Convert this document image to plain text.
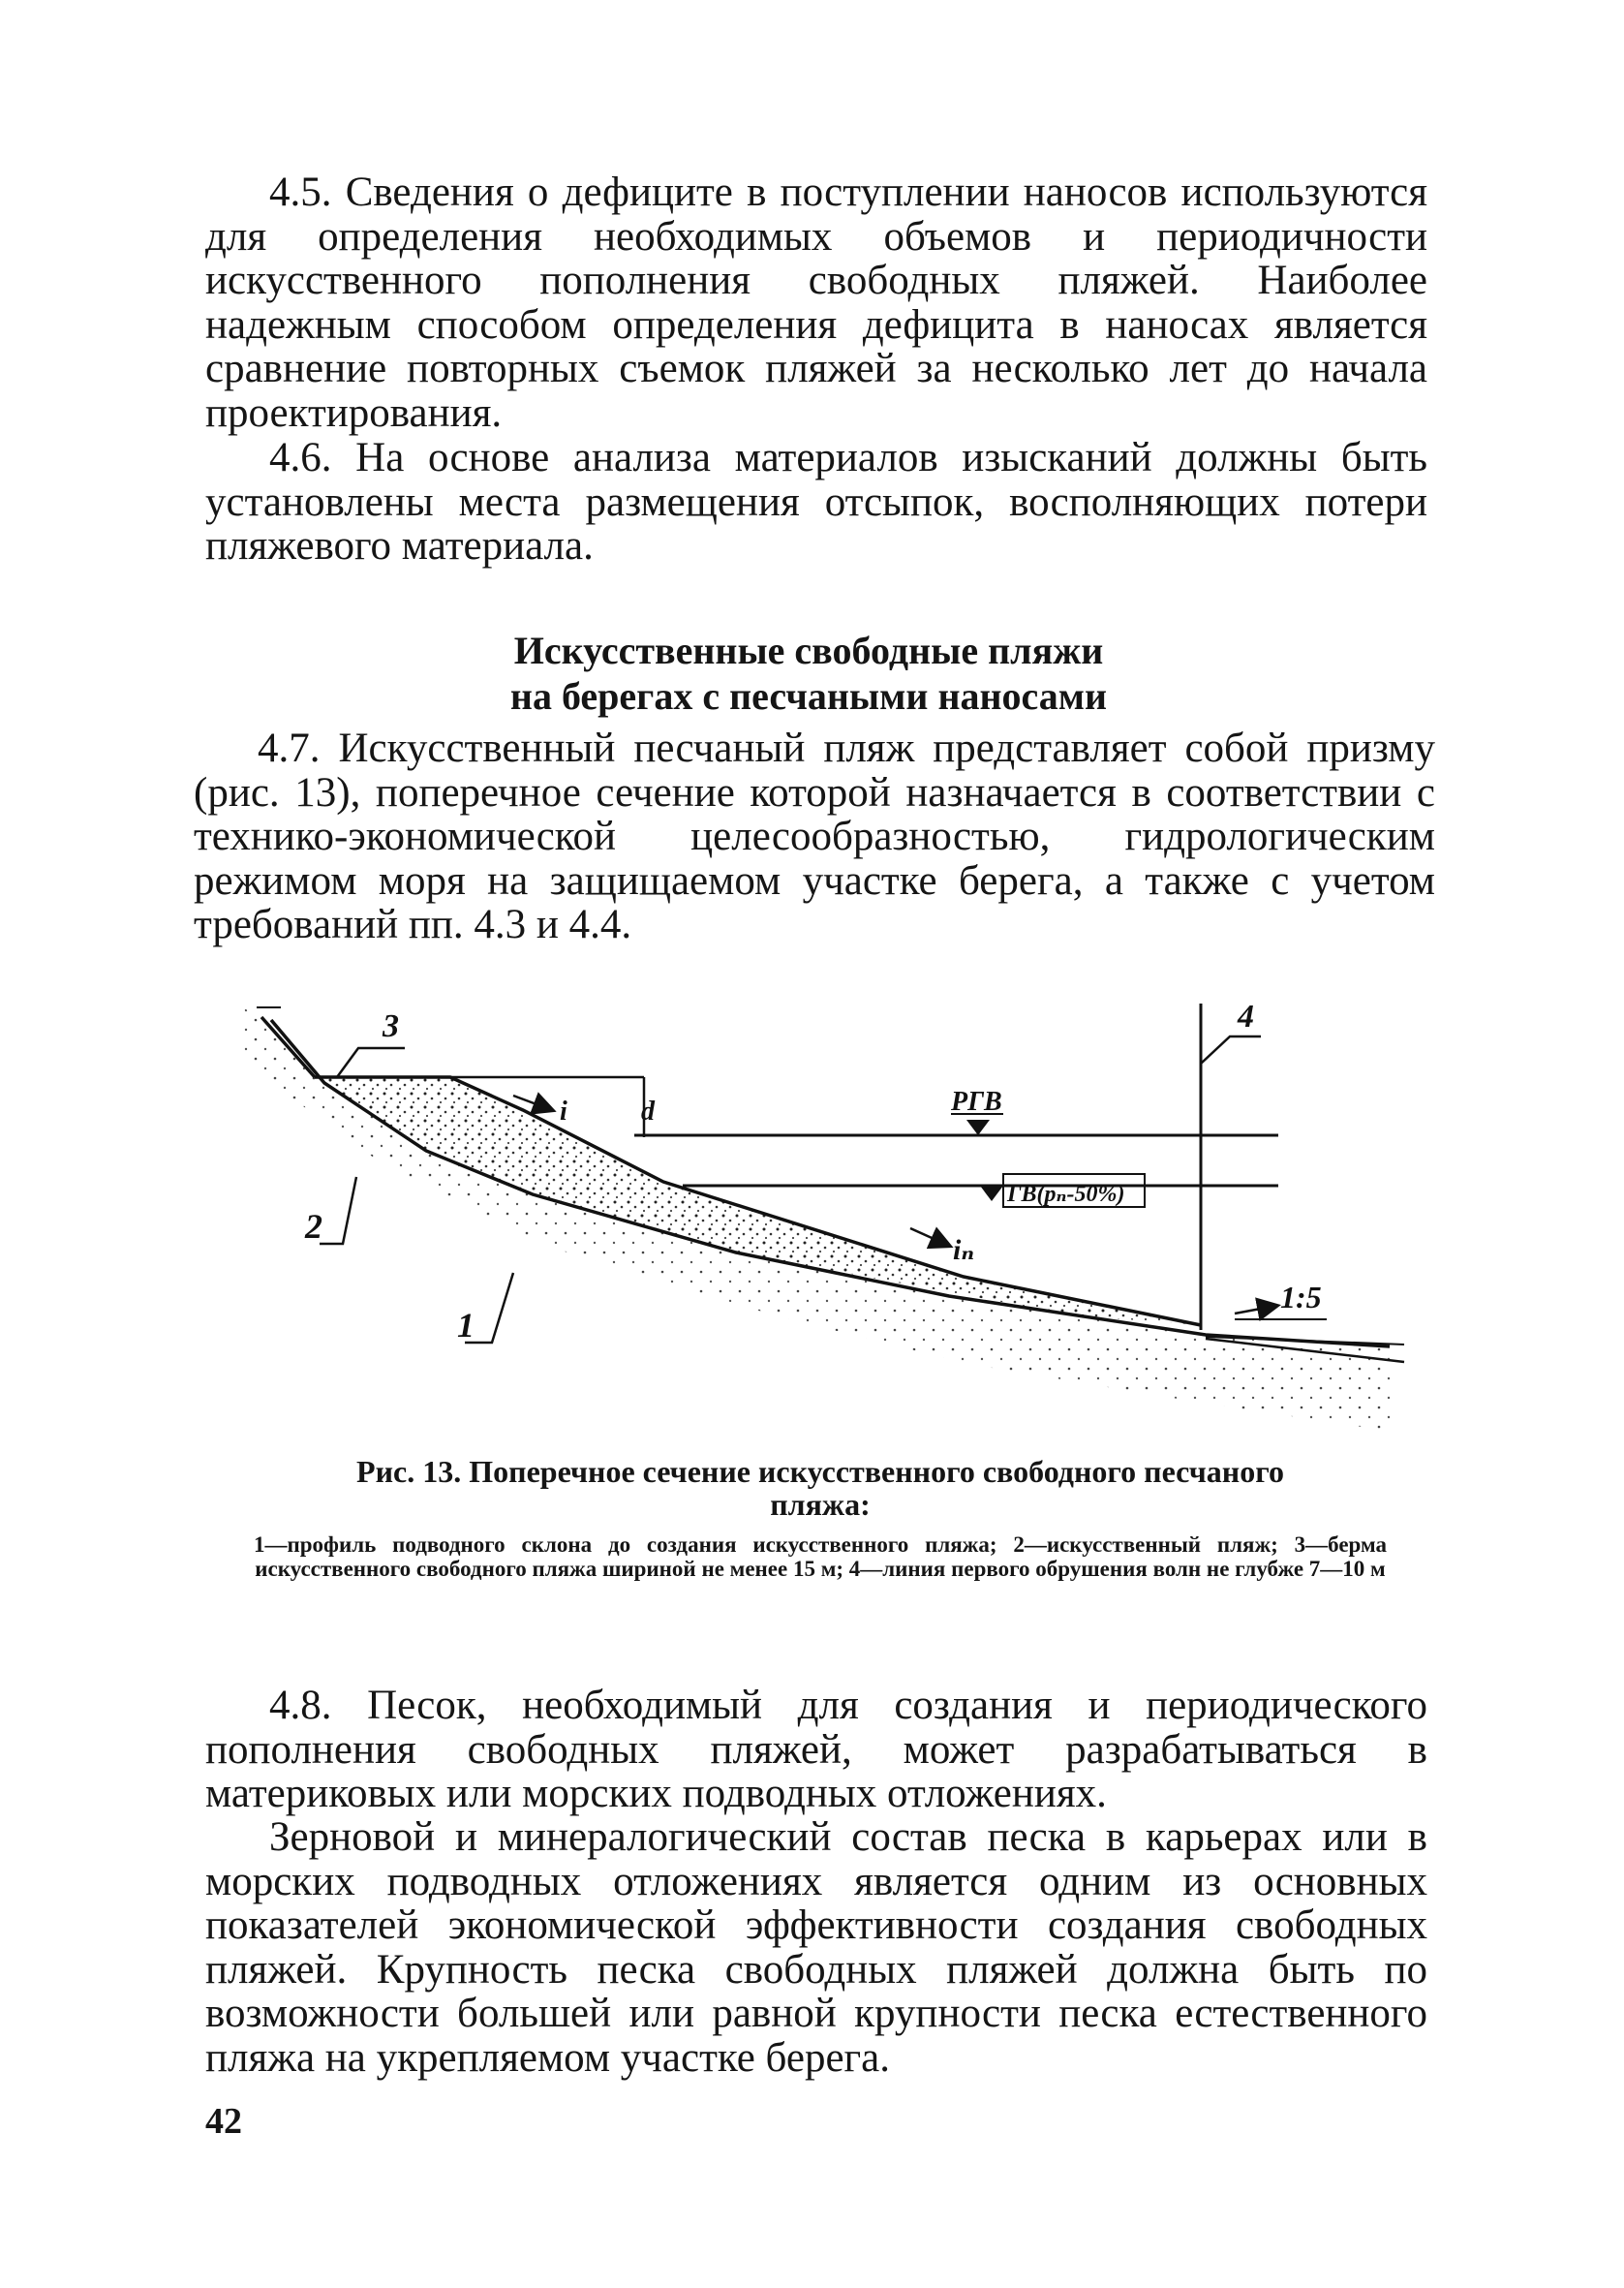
4.5. Сведения о дефиците в поступлении наносов используются для определения необходимых объемов и периодичности искусственного пополнения свободных пляжей. Наиболее надежным способом определения дефицита в наносах является сравнение повторных съемок пляжей за несколько лет до начала проектирования.

4.6. На основе анализа материалов изысканий должны быть установлены места размещения отсыпок, восполняющих потери пляжевого материала.

Искусственные свободные пляжи
на берегах с песчаными наносами

4.7. Искусственный песчаный пляж представляет собой призму (рис. 13), поперечное сечение которой назначается в соответствии с технико-экономической целесообразностью, гидрологическим режимом моря на защищаемом участке берега, а также с учетом требований пп. 4.3 и 4.4.

3	4
2
1
d
i
iₙ
РГВ
ГВ(pₙ-50%)
1:5

Рис. 13. Поперечное сечение искусственного свободного песчаного
пляжа:

1—профиль подводного склона до создания искусственного пляжа; 2—искусственный пляж; 3—берма искусственного свободного пляжа шириной не менее 15 м; 4—линия первого обрушения волн не глубже 7—10 м

4.8. Песок, необходимый для создания и периодического пополнения свободных пляжей, может разрабатываться в материковых или морских подводных отложениях.

Зерновой и минералогический состав песка в карьерах или в морских подводных отложениях является одним из основных показателей экономической эффективности создания свободных пляжей. Крупность песка свободных пляжей должна быть по возможности большей или равной крупности песка естественного пляжа на укрепляемом участке берега.

42
